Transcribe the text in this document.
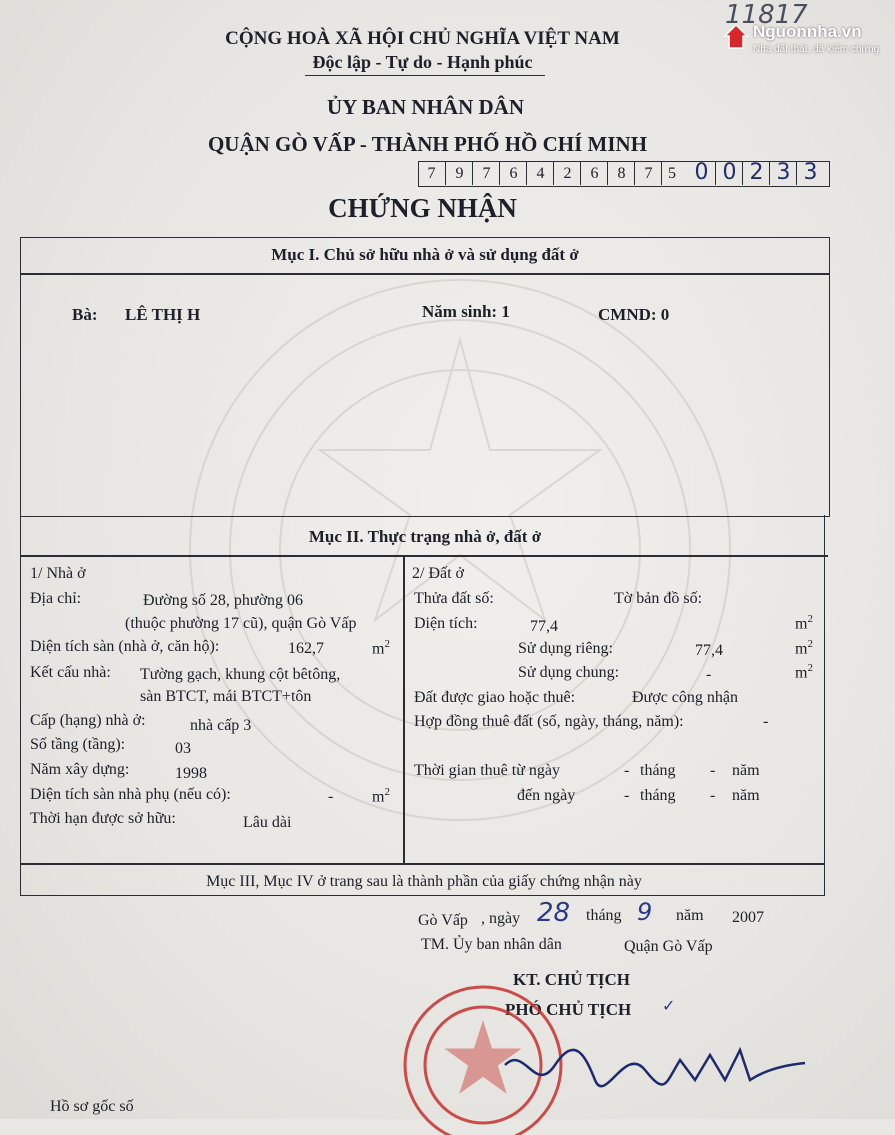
Nguonnha.vn
Nhà đất thật, đã kiểm chứng
11817
CỘNG HOÀ XÃ HỘI CHỦ NGHĨA VIỆT NAM
Độc lập - Tự do - Hạnh phúc
ỦY BAN NHÂN DÂN
QUẬN GÒ VẤP - THÀNH PHỐ HỒ CHÍ MINH
7	9	7	6	4	2	6	8	7 5 0 0 2 3 3
CHỨNG NHẬN
Mục I. Chủ sở hữu nhà ở và sử dụng đất ở
Bà: LÊ THỊ H	Năm sinh: 1	CMND: 0
Mục II. Thực trạng nhà ở, đất ở
1/ Nhà ở
Địa chỉ:	Đường số 28, phường 06
(thuộc phường 17 cũ), quận Gò Vấp
Diện tích sàn (nhà ở, căn hộ):	162,7	$m^2$
Kết cấu nhà: Tường gạch, khung cột bêtông,
sàn BTCT, mái BTCT+tôn
Cấp (hạng) nhà ở:	nhà cấp 3
Số tầng (tầng):	03
Năm xây dựng:	1998
Diện tích sàn nhà phụ (nếu có):	- $m^2$
Thời hạn được sở hữu:	Lâu dài
2/ Đất ở
Thửa đất số:	Tờ bản đồ số:
Diện tích:	77,4	$m^2$
Sử dụng riêng:	77,4	$m^2$
Sử dụng chung:	-	$m^2$
Đất được giao hoặc thuê:	Được công nhận
Hợp đồng thuê đất (số, ngày, tháng, năm):	-
Thời gian thuê từ ngày	- tháng - năm
đến ngày	- tháng - năm
Mục III, Mục IV ở trang sau là thành phần của giấy chứng nhận này
Gò Vấp , ngày 28 tháng 9 năm 2007
TM. Ủy ban nhân dân	Quận Gò Vấp
KT. CHỦ TỊCH
PHÓ CHỦ TỊCH ✓
Hồ sơ gốc số
